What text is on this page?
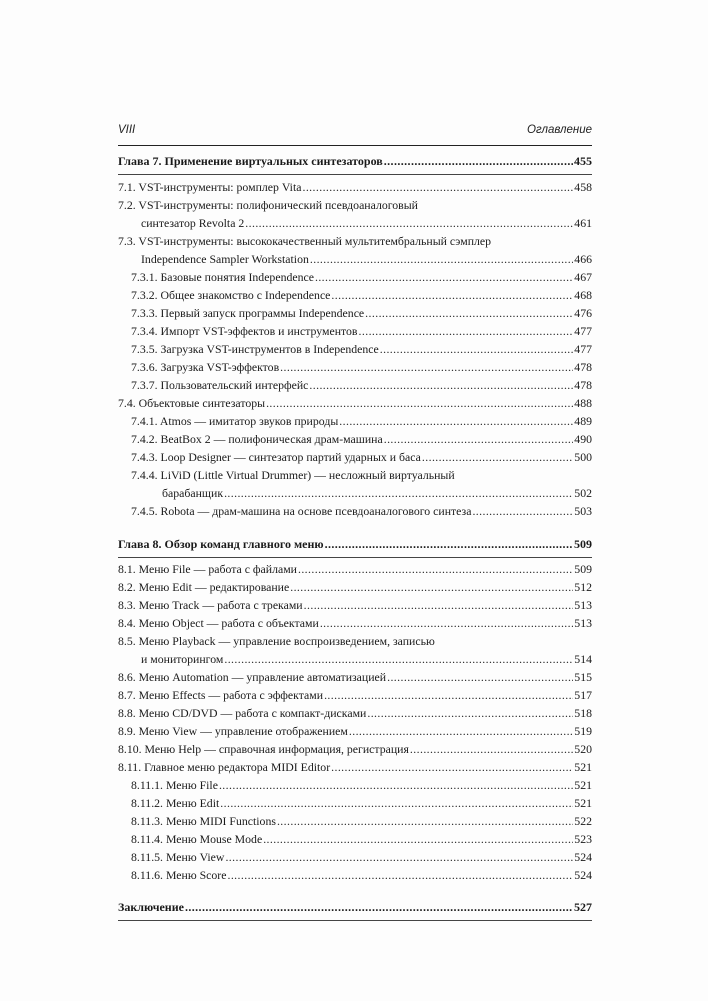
VIII	Оглавление
Глава 7. Применение виртуальных синтезаторов .....	455
7.1. VST-инструменты: ромплер Vita .....	458
7.2. VST-инструменты: полифонический псевдоаналоговый
синтезатор Revolta 2 .....	461
7.3. VST-инструменты: высококачественный мультитембральный сэмплер
Independence Sampler Workstation .....	466
7.3.1. Базовые понятия Independence .....	467
7.3.2. Общее знакомство с Independence .....	468
7.3.3. Первый запуск программы Independence .....	476
7.3.4. Импорт VST-эффектов и инструментов .....	477
7.3.5. Загрузка VST-инструментов в Independence .....	477
7.3.6. Загрузка VST-эффектов .....	478
7.3.7. Пользовательский интерфейс .....	478
7.4. Объектовые синтезаторы .....	488
7.4.1. Atmos — имитатор звуков природы .....	489
7.4.2. BeatBox 2 — полифоническая драм-машина .....	490
7.4.3. Loop Designer — синтезатор партий ударных и баса .....	500
7.4.4. LiViD (Little Virtual Drummer) — несложный виртуальный
барабанщик .....	502
7.4.5. Robota — драм-машина на основе псевдоаналогового синтеза .....	503
Глава 8. Обзор команд главного меню .....	509
8.1. Меню File — работа с файлами .....	509
8.2. Меню Edit — редактирование .....	512
8.3. Меню Track — работа с треками .....	513
8.4. Меню Object — работа с объектами .....	513
8.5. Меню Playback — управление воспроизведением, записью
и мониторингом .....	514
8.6. Меню Automation — управление автоматизацией .....	515
8.7. Меню Effects — работа с эффектами .....	517
8.8. Меню CD/DVD — работа с компакт-дисками .....	518
8.9. Меню View — управление отображением .....	519
8.10. Меню Help — справочная информация, регистрация .....	520
8.11. Главное меню редактора MIDI Editor .....	521
8.11.1. Меню File .....	521
8.11.2. Меню Edit .....	521
8.11.3. Меню MIDI Functions .....	522
8.11.4. Меню Mouse Mode .....	523
8.11.5. Меню View .....	524
8.11.6. Меню Score .....	524
Заключение .....	527
